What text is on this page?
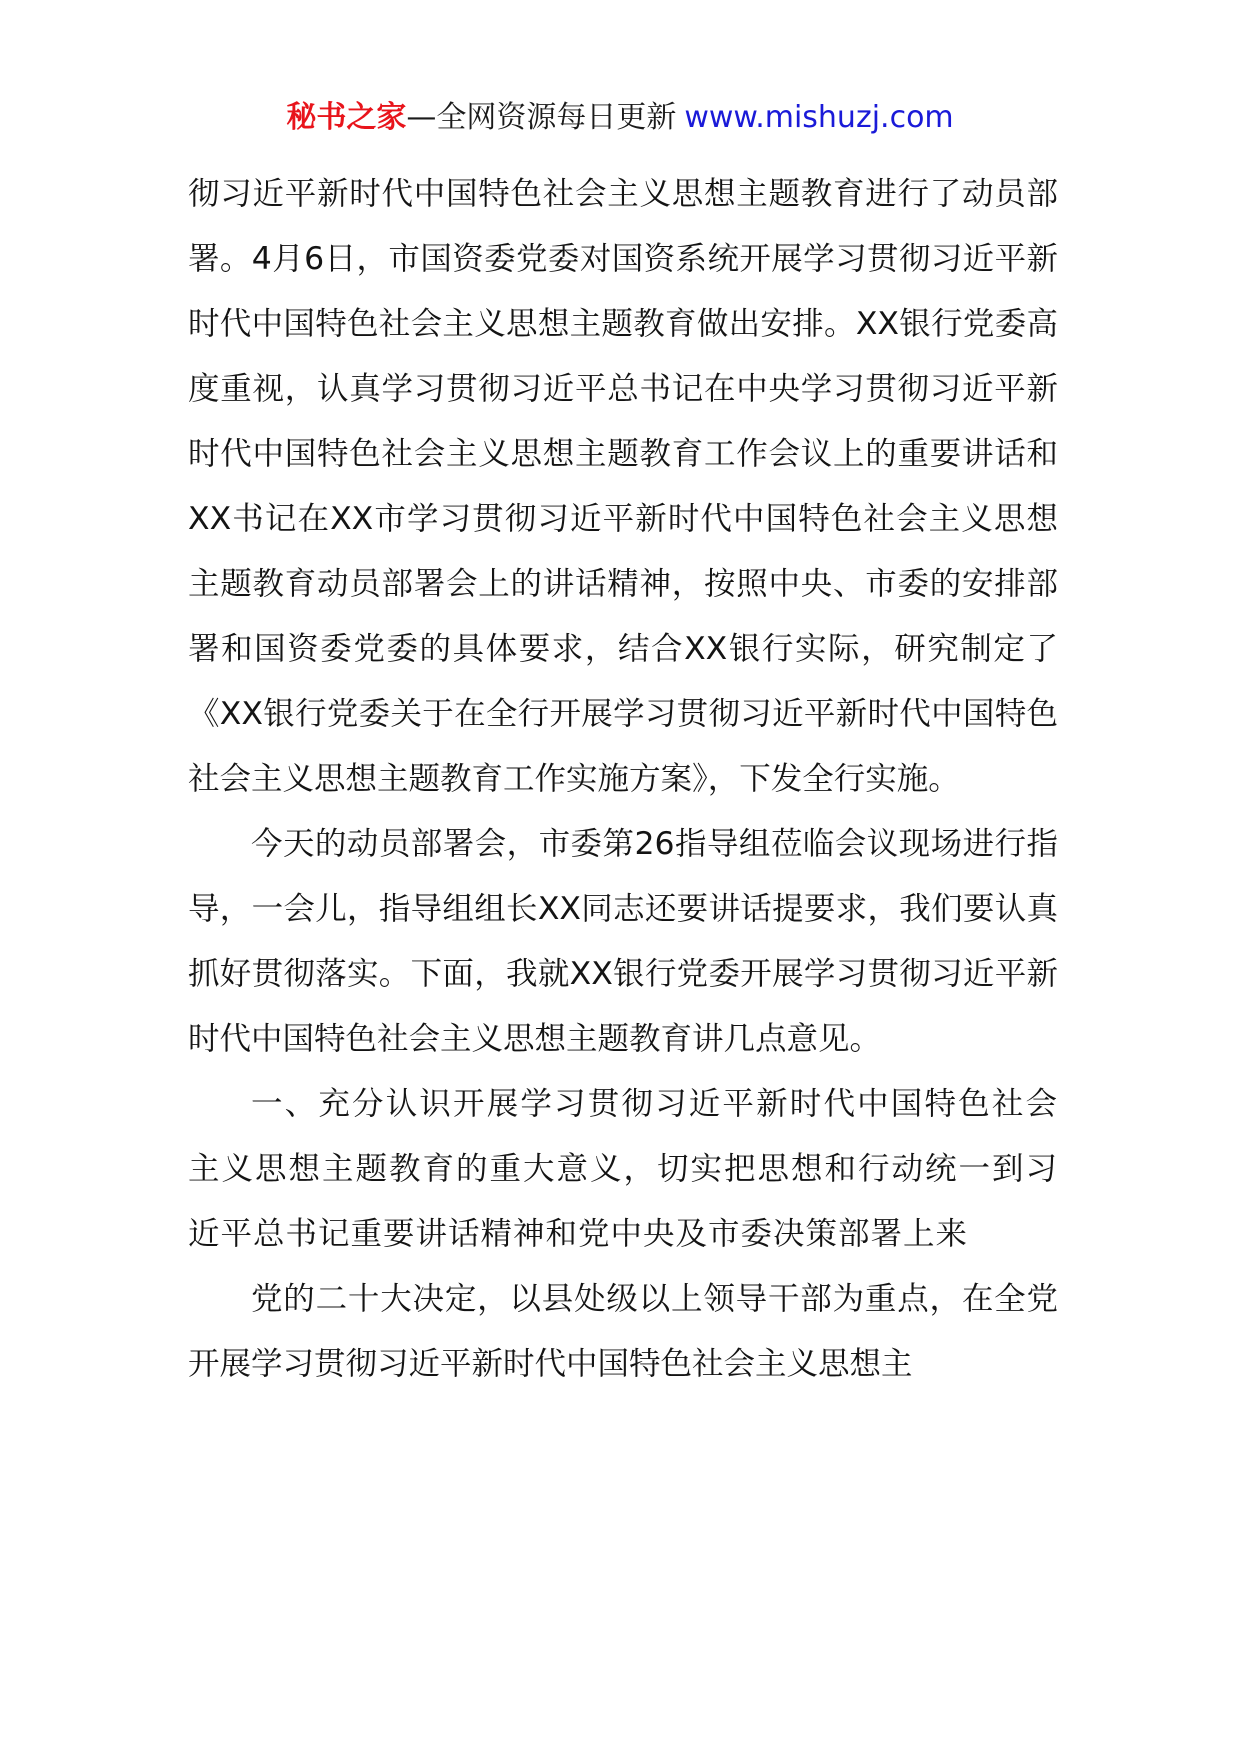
秘书之家—全网资源每日更新 www.mishuzj.com

彻习近平新时代中国特色社会主义思想主题教育进行了动员部署。4月6日，市国资委党委对国资系统开展学习贯彻习近平新时代中国特色社会主义思想主题教育做出安排。XX银行党委高度重视，认真学习贯彻习近平总书记在中央学习贯彻习近平新时代中国特色社会主义思想主题教育工作会议上的重要讲话和XX书记在XX市学习贯彻习近平新时代中国特色社会主义思想主题教育动员部署会上的讲话精神，按照中央、市委的安排部署和国资委党委的具体要求，结合XX银行实际，研究制定了《XX银行党委关于在全行开展学习贯彻习近平新时代中国特色社会主义思想主题教育工作实施方案》，下发全行实施。

今天的动员部署会，市委第26指导组莅临会议现场进行指导，一会儿，指导组组长XX同志还要讲话提要求，我们要认真抓好贯彻落实。下面，我就XX银行党委开展学习贯彻习近平新时代中国特色社会主义思想主题教育讲几点意见。

一、充分认识开展学习贯彻习近平新时代中国特色社会主义思想主题教育的重大意义，切实把思想和行动统一到习近平总书记重要讲话精神和党中央及市委决策部署上来

党的二十大决定，以县处级以上领导干部为重点，在全党开展学习贯彻习近平新时代中国特色社会主义思想主
